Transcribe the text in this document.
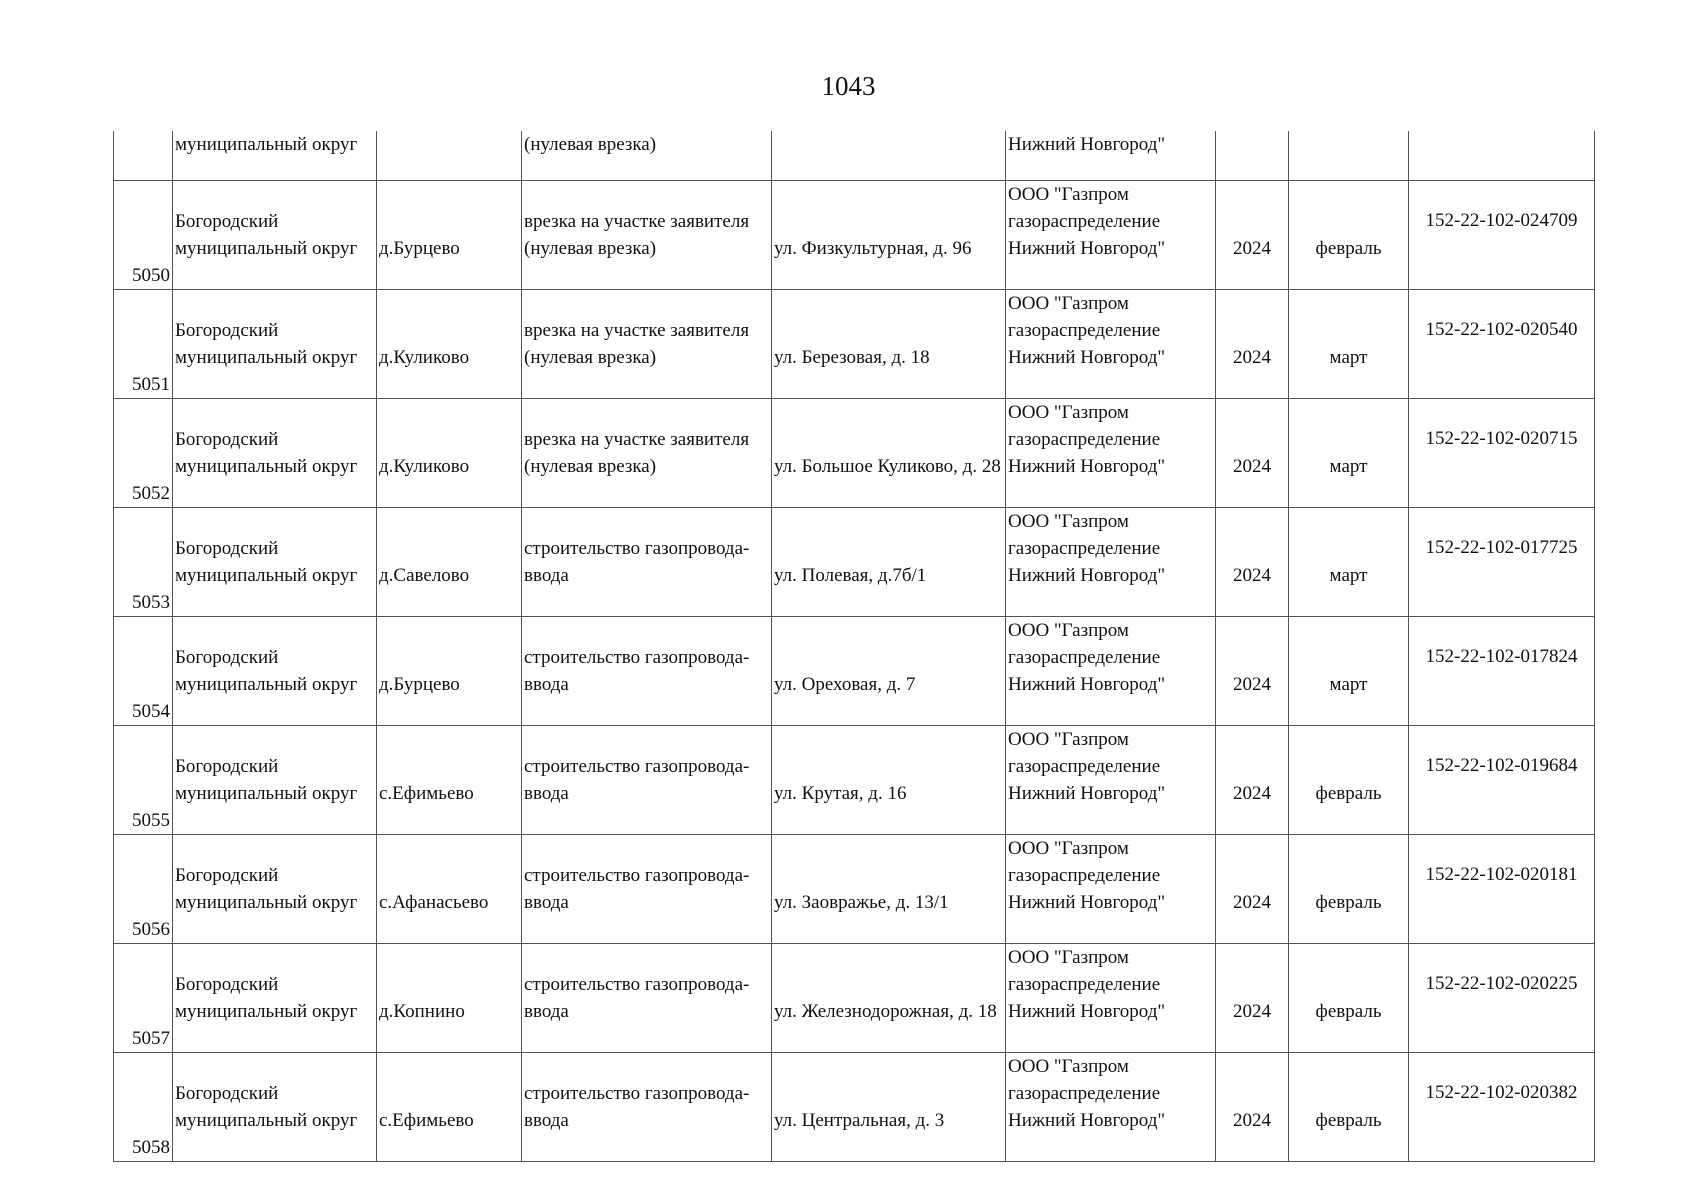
1043
	муниципальный округ		(нулевая врезка)		Нижний Новгород"			
5050	Богородский
муниципальный округ	д.Бурцево	врезка на участке заявителя
(нулевая врезка)	ул. Физкультурная, д. 96	ООО "Газпром
газораспределение
Нижний Новгород"	2024	февраль	152-22-102-024709
5051	Богородский
муниципальный округ	д.Куликово	врезка на участке заявителя
(нулевая врезка)	ул. Березовая, д. 18	ООО "Газпром
газораспределение
Нижний Новгород"	2024	март	152-22-102-020540
5052	Богородский
муниципальный округ	д.Куликово	врезка на участке заявителя
(нулевая врезка)	ул. Большое Куликово, д. 28	ООО "Газпром
газораспределение
Нижний Новгород"	2024	март	152-22-102-020715
5053	Богородский
муниципальный округ	д.Савелово	строительство газопровода-
ввода	ул. Полевая, д.7б/1	ООО "Газпром
газораспределение
Нижний Новгород"	2024	март	152-22-102-017725
5054	Богородский
муниципальный округ	д.Бурцево	строительство газопровода-
ввода	ул. Ореховая, д. 7	ООО "Газпром
газораспределение
Нижний Новгород"	2024	март	152-22-102-017824
5055	Богородский
муниципальный округ	с.Ефимьево	строительство газопровода-
ввода	ул. Крутая, д. 16	ООО "Газпром
газораспределение
Нижний Новгород"	2024	февраль	152-22-102-019684
5056	Богородский
муниципальный округ	с.Афанасьево	строительство газопровода-
ввода	ул. Заовражье, д. 13/1	ООО "Газпром
газораспределение
Нижний Новгород"	2024	февраль	152-22-102-020181
5057	Богородский
муниципальный округ	д.Копнино	строительство газопровода-
ввода	ул. Железнодорожная, д. 18	ООО "Газпром
газораспределение
Нижний Новгород"	2024	февраль	152-22-102-020225
5058	Богородский
муниципальный округ	с.Ефимьево	строительство газопровода-
ввода	ул. Центральная, д. 3	ООО "Газпром
газораспределение
Нижний Новгород"	2024	февраль	152-22-102-020382
